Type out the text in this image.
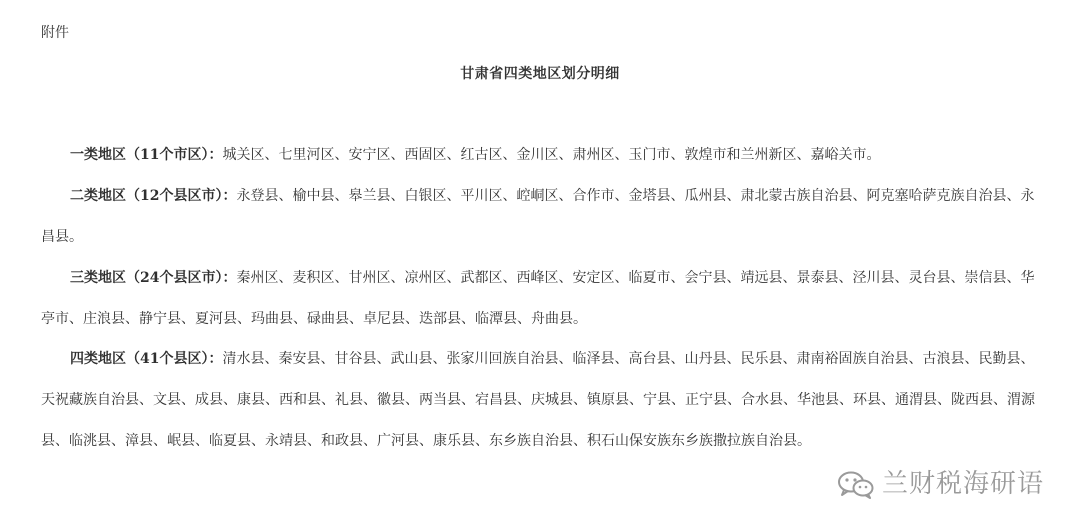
附件
甘肃省四类地区划分明细

一类地区（11个市区）：城关区、七里河区、安宁区、西固区、红古区、金川区、肃州区、玉门市、敦煌市和兰州新区、嘉峪关市。

二类地区（12个县区市）：永登县、榆中县、皋兰县、白银区、平川区、崆峒区、合作市、金塔县、瓜州县、肃北蒙古族自治县、阿克塞哈萨克族自治县、永昌县。

三类地区（24个县区市）：秦州区、麦积区、甘州区、凉州区、武都区、西峰区、安定区、临夏市、会宁县、靖远县、景泰县、泾川县、灵台县、崇信县、华亭市、庄浪县、静宁县、夏河县、玛曲县、碌曲县、卓尼县、迭部县、临潭县、舟曲县。

四类地区（41个县区）：清水县、秦安县、甘谷县、武山县、张家川回族自治县、临泽县、高台县、山丹县、民乐县、肃南裕固族自治县、古浪县、民勤县、天祝藏族自治县、文县、成县、康县、西和县、礼县、徽县、两当县、宕昌县、庆城县、镇原县、宁县、正宁县、合水县、华池县、环县、通渭县、陇西县、渭源县、临洮县、漳县、岷县、临夏县、永靖县、和政县、广河县、康乐县、东乡族自治县、积石山保安族东乡族撒拉族自治县。

兰财税海研语
